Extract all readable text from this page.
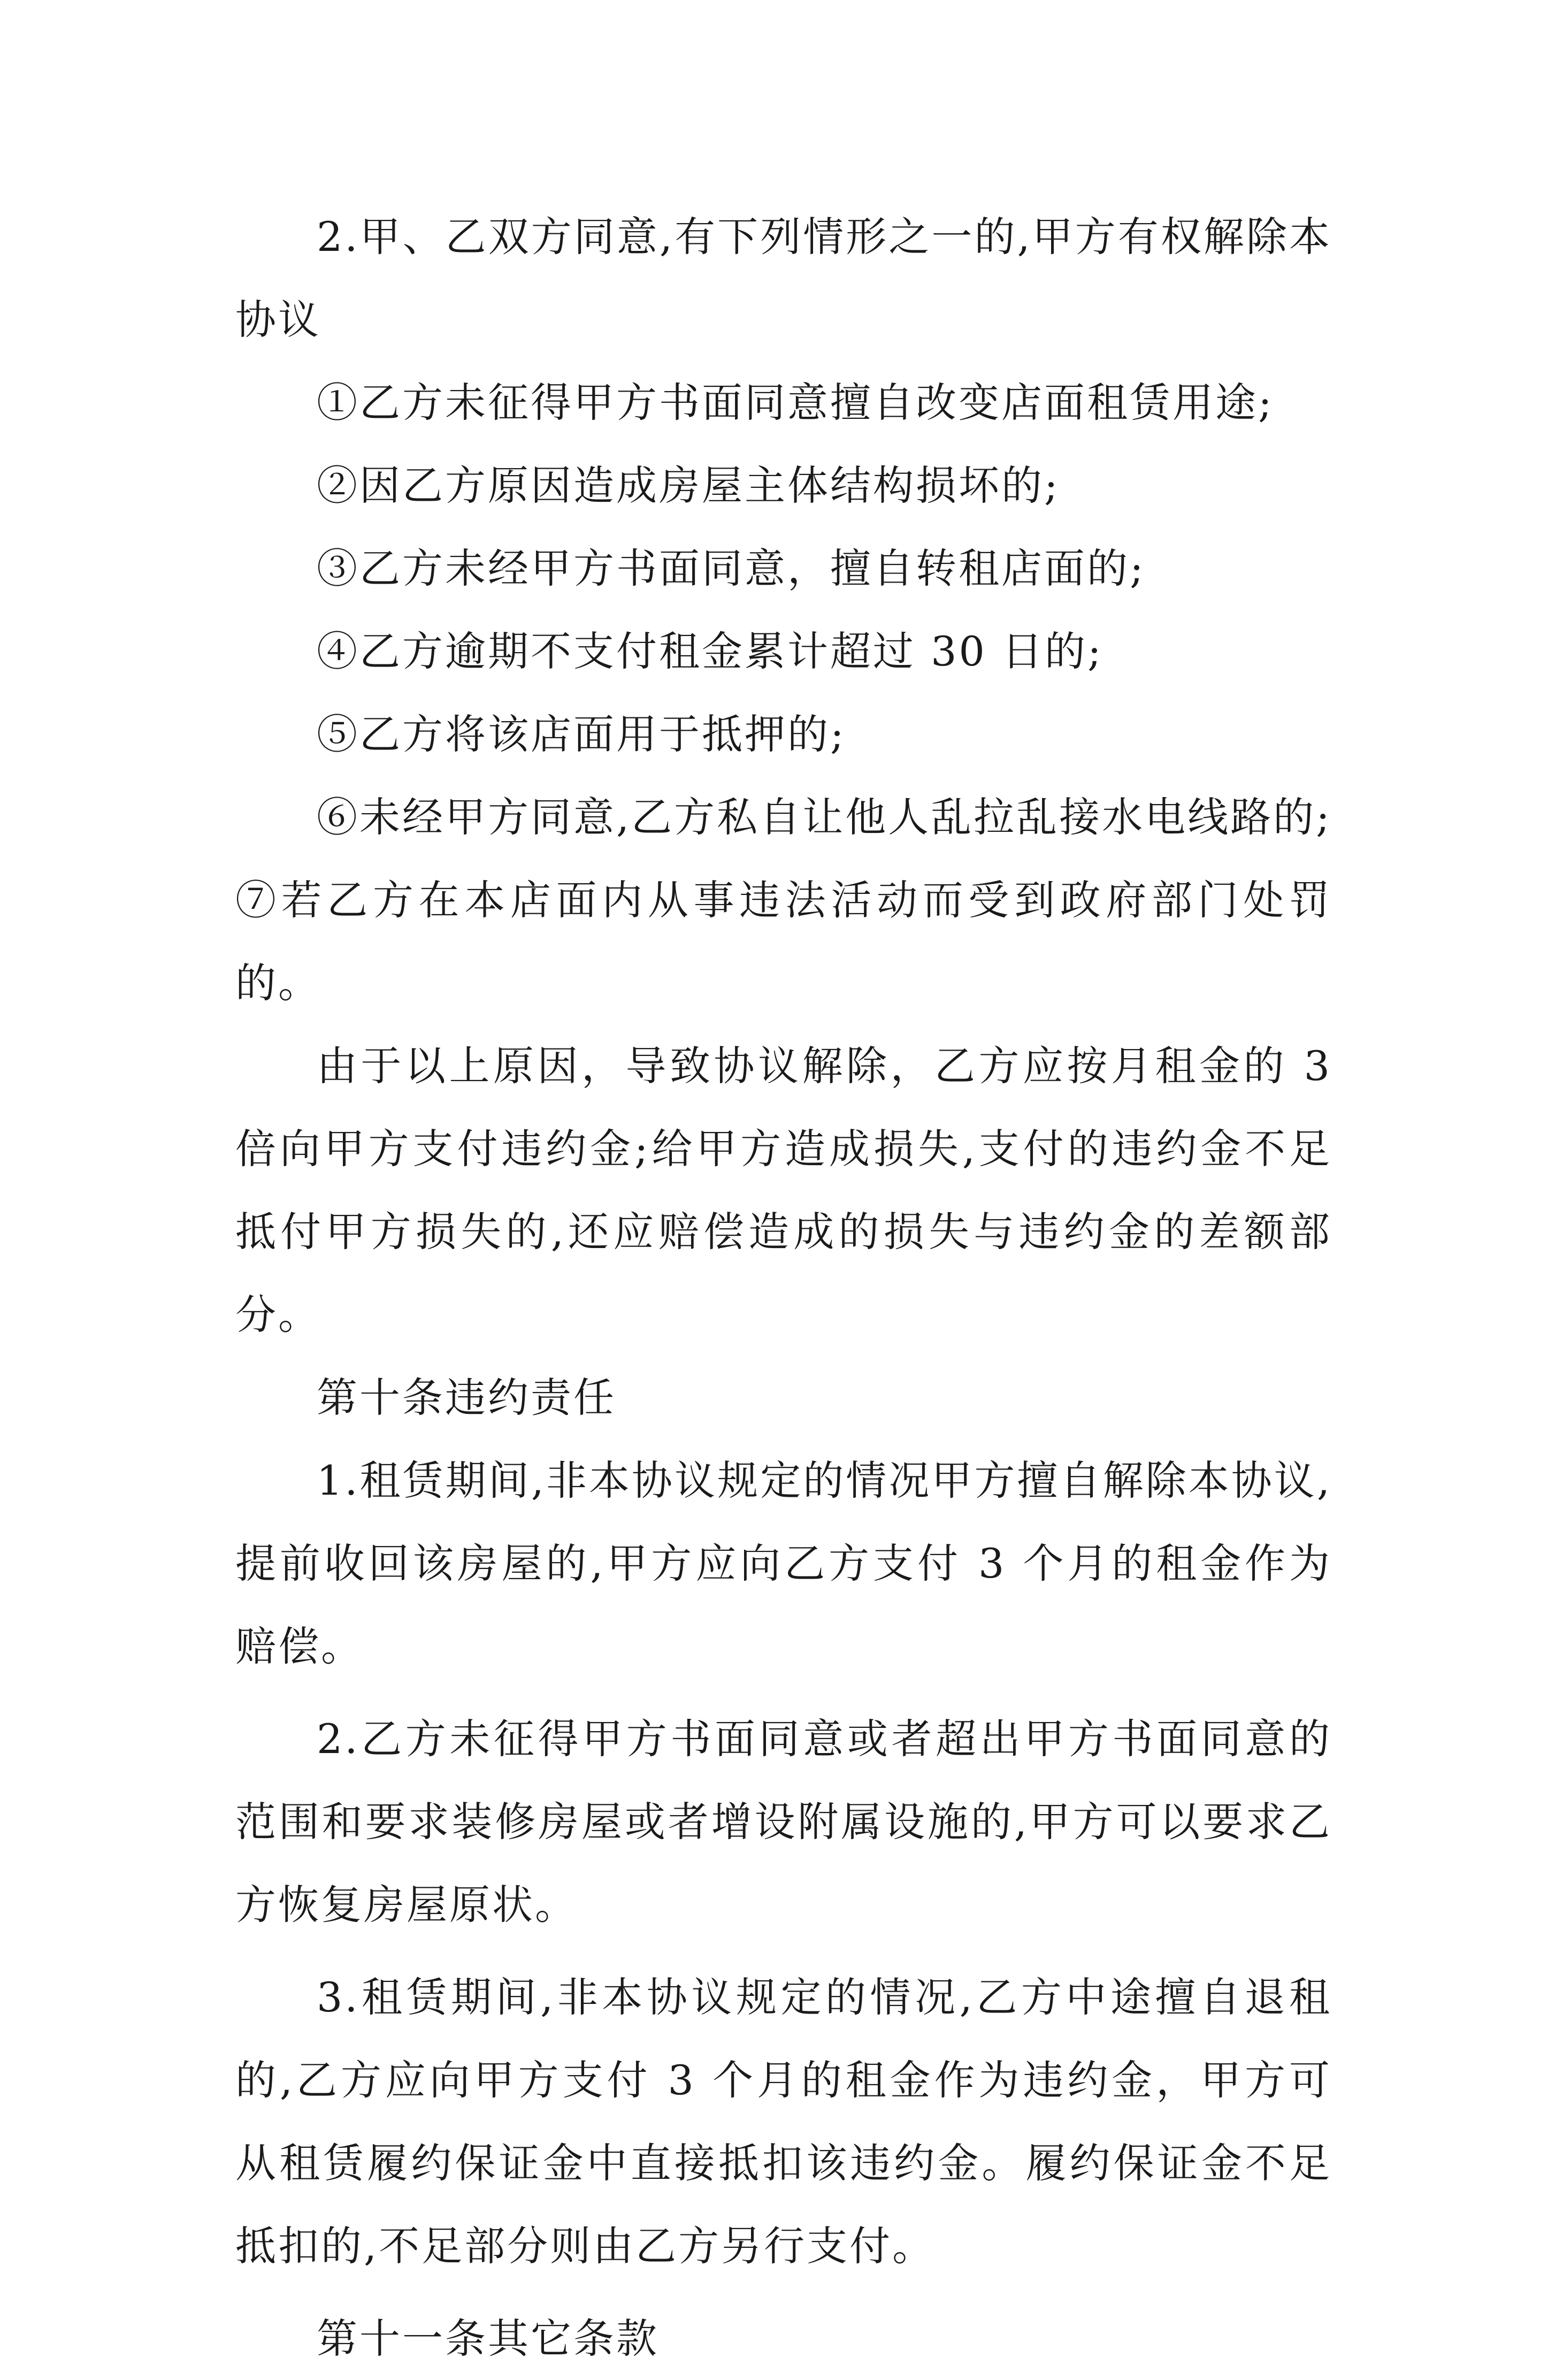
2.甲、乙双方同意,有下列情形之一的,甲方有权解除本协议

①乙方未征得甲方书面同意擅自改变店面租赁用途;

②因乙方原因造成房屋主体结构损坏的;

③乙方未经甲方书面同意，擅自转租店面的;

④乙方逾期不支付租金累计超过 30 日的;

⑤乙方将该店面用于抵押的;

⑥未经甲方同意,乙方私自让他人乱拉乱接水电线路的;

⑦若乙方在本店面内从事违法活动而受到政府部门处罚的。

由于以上原因，导致协议解除，乙方应按月租金的 3 倍向甲方支付违约金;给甲方造成损失,支付的违约金不足抵付甲方损失的,还应赔偿造成的损失与违约金的差额部分。

第十条违约责任

1.租赁期间,非本协议规定的情况甲方擅自解除本协议,提前收回该房屋的,甲方应向乙方支付 3 个月的租金作为赔偿。

2.乙方未征得甲方书面同意或者超出甲方书面同意的范围和要求装修房屋或者增设附属设施的,甲方可以要求乙方恢复房屋原状。

3.租赁期间,非本协议规定的情况,乙方中途擅自退租的,乙方应向甲方支付 3 个月的租金作为违约金，甲方可从租赁履约保证金中直接抵扣该违约金。履约保证金不足抵扣的,不足部分则由乙方另行支付。

第十一条其它条款
